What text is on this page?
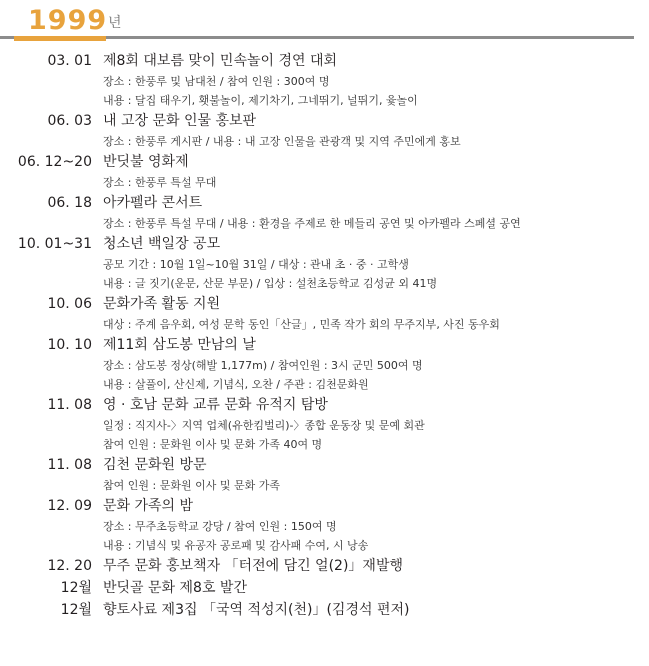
1999 년
03. 01 제8회 대보름 맞이 민속놀이 경연 대회
장소 : 한풍루 및 남대천 / 참여 인원 : 300여 명
내용 : 달집 태우기, 횃불놀이, 제기차기, 그네뛰기, 널뛰기, 윷놀이
06. 03 내 고장 문화 인물 홍보판
장소 : 한풍루 게시판 / 내용 : 내 고장 인물을 관광객 및 지역 주민에게 홍보
06. 12~20 반딧불 영화제
장소 : 한풍루 특설 무대
06. 18 아카펠라 콘서트
장소 : 한풍루 특설 무대 / 내용 : 환경을 주제로 한 메들리 공연 및 아카펠라 스페셜 공연
10. 01~31 청소년 백일장 공모
공모 기간 : 10월 1일~10월 31일 / 대상 : 관내 초 · 중 · 고학생
내용 : 글 짓기(운문, 산문 부문) / 입상 : 설천초등학교 김성균 외 41명
10. 06 문화가족 활동 지원
대상 : 주계 음우회, 여성 문학 동인「산글」, 민족 작가 회의 무주지부, 사진 동우회
10. 10 제11회 삼도봉 만남의 날
장소 : 삼도봉 정상(해발 1,177m) / 참여인원 : 3시 군민 500여 명
내용 : 살풀이, 산신제, 기념식, 오찬 / 주관 : 김천문화원
11. 08 영 · 호남 문화 교류 문화 유적지 탐방
일정 : 직지사-〉지역 업체(유한킴벌리)-〉종합 운동장 및 문예 회관
참여 인원 : 문화원 이사 및 문화 가족 40여 명
11. 08 김천 문화원 방문
참여 인원 : 문화원 이사 및 문화 가족
12. 09 문화 가족의 밤
장소 : 무주초등학교 강당 / 참여 인원 : 150여 명
내용 : 기념식 및 유공자 공로패 및 감사패 수여, 시 낭송
12. 20 무주 문화 홍보책자 「터전에 담긴 얼(2)」재발행
12월 반딧골 문화 제8호 발간
12월 향토사료 제3집 「국역 적성지(천)」(김경석 편저)
